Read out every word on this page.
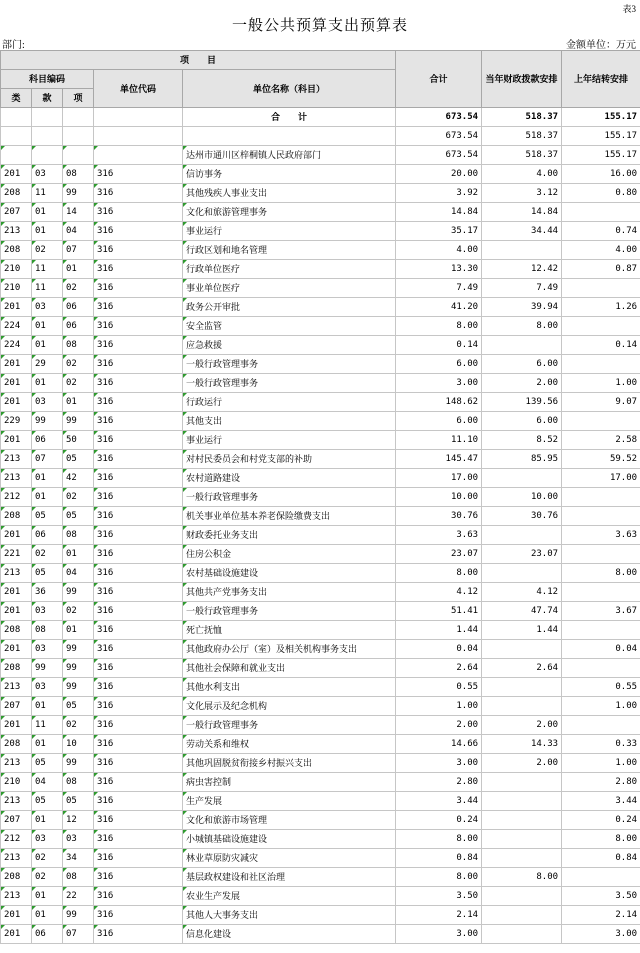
表3
一般公共预算支出预算表
部门:	金额单位：万元
项　　目					合计	当年财政拨款安排	上年结转安排
科目编码			单位代码	单位名称（科目）			
类	款	项					
				合　　计	673.54	518.37	155.17
					673.54	518.37	155.17
				达州市通川区梓桐镇人民政府部门	673.54	518.37	155.17
201	03	08	316	信访事务	20.00	4.00	16.00
208	11	99	316	其他残疾人事业支出	3.92	3.12	0.80
207	01	14	316	文化和旅游管理事务	14.84	14.84	
213	01	04	316	事业运行	35.17	34.44	0.74
208	02	07	316	行政区划和地名管理	4.00		4.00
210	11	01	316	行政单位医疗	13.30	12.42	0.87
210	11	02	316	事业单位医疗	7.49	7.49	
201	03	06	316	政务公开审批	41.20	39.94	1.26
224	01	06	316	安全监管	8.00	8.00	
224	01	08	316	应急救援	0.14		0.14
201	29	02	316	一般行政管理事务	6.00	6.00	
201	01	02	316	一般行政管理事务	3.00	2.00	1.00
201	03	01	316	行政运行	148.62	139.56	9.07
229	99	99	316	其他支出	6.00	6.00	
201	06	50	316	事业运行	11.10	8.52	2.58
213	07	05	316	对村民委员会和村党支部的补助	145.47	85.95	59.52
213	01	42	316	农村道路建设	17.00		17.00
212	01	02	316	一般行政管理事务	10.00	10.00	
208	05	05	316	机关事业单位基本养老保险缴费支出	30.76	30.76	
201	06	08	316	财政委托业务支出	3.63		3.63
221	02	01	316	住房公积金	23.07	23.07	
213	05	04	316	农村基础设施建设	8.00		8.00
201	36	99	316	其他共产党事务支出	4.12	4.12	
201	03	02	316	一般行政管理事务	51.41	47.74	3.67
208	08	01	316	死亡抚恤	1.44	1.44	
201	03	99	316	其他政府办公厅（室）及相关机构事务支出	0.04		0.04
208	99	99	316	其他社会保障和就业支出	2.64	2.64	
213	03	99	316	其他水利支出	0.55		0.55
207	01	05	316	文化展示及纪念机构	1.00		1.00
201	11	02	316	一般行政管理事务	2.00	2.00	
208	01	10	316	劳动关系和维权	14.66	14.33	0.33
213	05	99	316	其他巩固脱贫衔接乡村振兴支出	3.00	2.00	1.00
210	04	08	316	病虫害控制	2.80		2.80
213	05	05	316	生产发展	3.44		3.44
207	01	12	316	文化和旅游市场管理	0.24		0.24
212	03	03	316	小城镇基础设施建设	8.00		8.00
213	02	34	316	林业草原防灾减灾	0.84		0.84
208	02	08	316	基层政权建设和社区治理	8.00	8.00	
213	01	22	316	农业生产发展	3.50		3.50
201	01	99	316	其他人大事务支出	2.14		2.14
201	06	07	316	信息化建设	3.00		3.00
